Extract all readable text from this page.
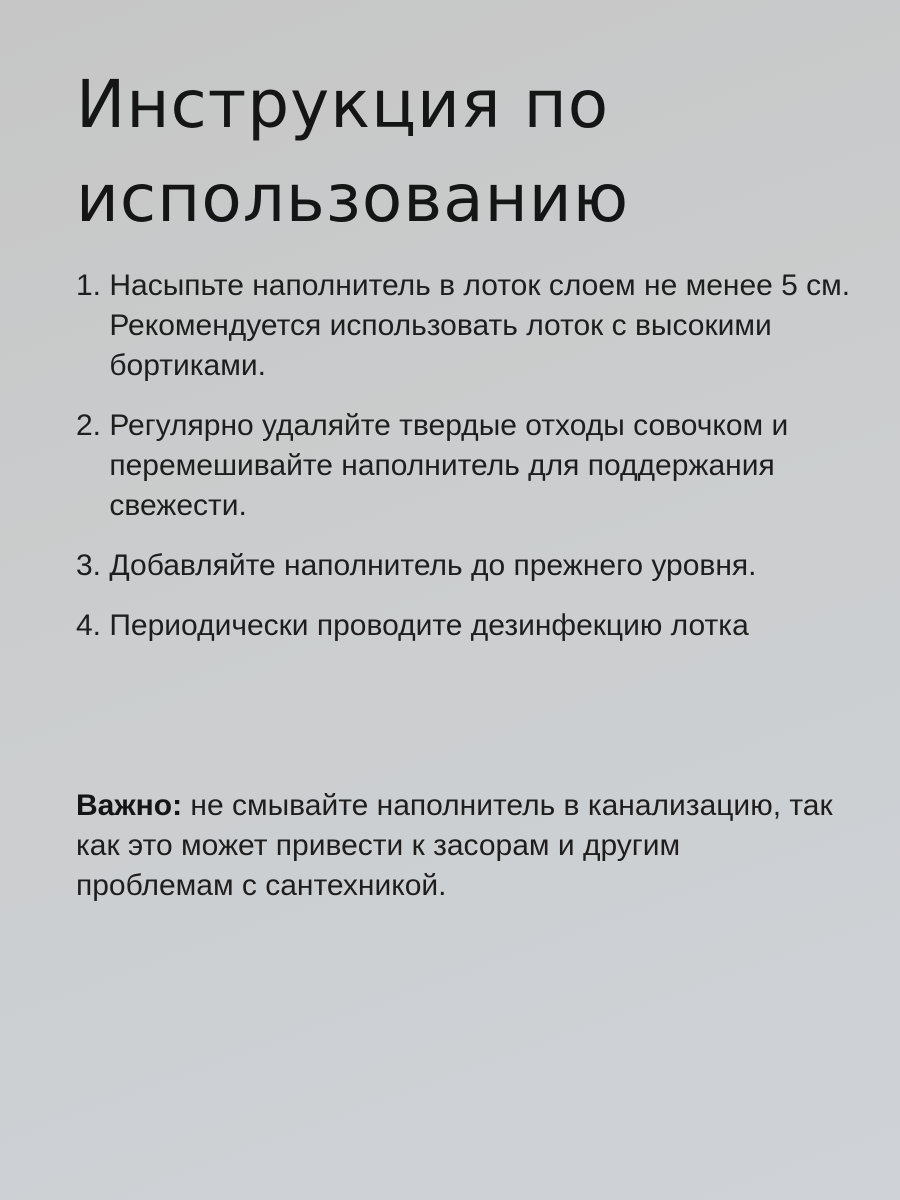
Инструкция по
использованию
1. Насыпьте наполнитель в лоток слоем не менее 5 см. Рекомендуется использовать лоток с высокими бортиками.
2. Регулярно удаляйте твердые отходы совочком и перемешивайте наполнитель для поддержания свежести.
3. Добавляйте наполнитель до прежнего уровня.
4. Периодически проводите дезинфекцию лотка

Важно: не смывайте наполнитель в канализацию, так как это может привести к засорам и другим проблемам с сантехникой.
